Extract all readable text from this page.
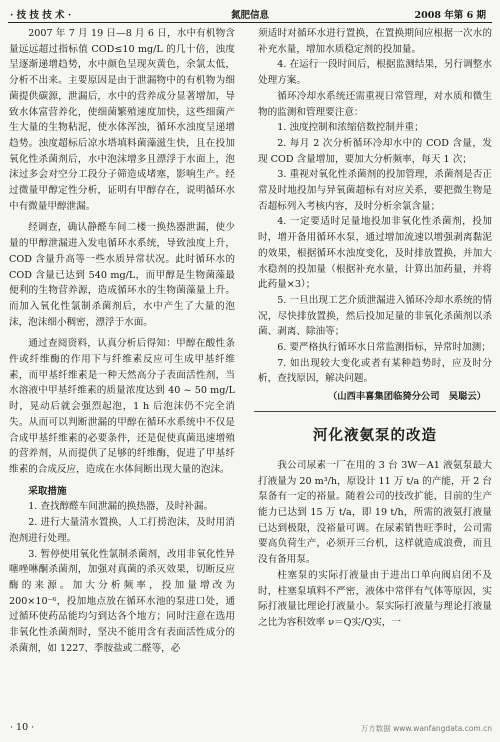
· 技 技 技 术 ·	氮肥信息	2008 年第 6 期

2007 年 7 月 19 日—8 月 6 日，水中有机物含量远远超过指标值 COD≤10 mg/L 的几十倍，浊度呈逐渐递增趋势，水中颜色呈现灰黄色，余氯太低，分析不出来。主要原因是由于泄漏物中的有机物为细菌提供碳源，泄漏后，水中的营养成分显著增加，导致水体富营养化，使细菌繁殖速度加快，这些细菌产生大量的生物粘泥，使水体浑浊，循环水浊度呈递增趋势。浊度超标后凉水塔填料菌藻滋生快，且在投加氧化性杀菌剂后，水中泡沫增多且漂浮于水面上，泡沫过多会对空分工段分子筛造成堵塞，影响生产。经过微量甲醇定性分析，证明有甲醇存在，说明循环水中有微量甲醇泄漏。

经调查，确认静醛车间二楼一换热器泄漏，使少量的甲醇泄漏进入发电循环水系统，导致浊度上升，COD 含量升高等一些水质异常状况。此时循环水的 COD 含量已达到 540 mg/L，而甲醇是生物菌藻最便利的生物营养源，造成循环水的生物菌藻量上升。而加入氧化性氯制杀菌剂后，水中产生了大量的泡沫，泡沫细小稠密，漂浮于水面。

通过查阅资料，认真分析后得知：甲醇在酸性条件或纤维酶的作用下与纤维素反应可生成甲基纤维素，而甲基纤维素是一种天然高分子表面活性剂，当水溶液中甲基纤维素的质量浓度达到 40 ~ 50 mg/L 时，晃动后就会强烈起泡，1 h 后泡沫仍不完全消失。从而可以判断泄漏的甲醇在循环水系统中不仅是合成甲基纤维素的必要条件，还是促使真菌迅速增殖的营养剂，从而提供了足够的纤维酶，促进了甲基纤维素的合成反应，造成在水体间断出现大量的泡沫。

采取措施

1. 查找醇醛车间泄漏的换热器，及时补漏。

2. 进行大量清水置换，人工打捞泡沫，及时用消泡剂进行处理。

3. 暂停使用氧化性氯制杀菌剂，改用非氧化性异噻唑啉酮杀菌剂，加强对真菌的杀灭效果，切断反应酶的来源。加大分析频率，投加量增改为 200×10⁻⁶，投加地点放在循环水池的泵进口处，通过循环使药品能均匀到达各个地方；同时注意在选用非氧化性杀菌剂时，坚决不能用含有表面活性成分的杀菌剂，如 1227、季胺盐或二醛等，必

须适时对循环水进行置换，在置换期间应根据一次水的补充水量，增加水质稳定剂的投加量。

4. 在运行一段时间后，根据监测结果，另行调整水处理方案。

循环冷却水系统还需重视日常管理，对水质和微生物的监测和管理要注意：

1. 浊度控制和浓缩倍数控制并重；

2. 每月 2 次分析循环冷却水中的 COD 含量，发现 COD 含量增加，要加大分析频率，每天 1 次；

3. 重视对氧化性杀菌剂的投加管理，杀菌剂是否正常及时地投加与异氧菌超标有对应关系，要把微生物是否超标列入考核内容，及时分析余氯含量；

4. 一定要适时足量地投加非氧化性杀菌剂，投加时，增开备用循环水泵，通过增加流速以增强剥离黏泥的效果，根据循环水浊度变化，及时排放置换，并加大水稳剂的投加量（根据补充水量，计算出加药量，并将此药量×3）；

5. 一旦出现工艺介质泄漏进入循环冷却水系统的情况，尽快排放置换，然后投加足量的非氧化杀菌剂以杀菌、剥离、除油等；

6. 要严格执行循环水日常监测指标，异常时加测；

7. 如出现较大变化或者有某种趋势时，应及时分析，查找原因，解决问题。

（山西丰喜集团临猗分公司　吴聪云）
河化液氨泵的改造

我公司尿素一厂在用的 3 台 3W－A1 液氨泵最大打液量为 20 m³/h，原设计 11 万 t/a 的产能，开 2 台泵备有一定的裕量。随着公司的技改扩能，目前的生产能力已达到 15 万 t/a，即 19 t/h，所需的液氨打液量已达到极限，没裕量可调。在尿素销售旺季时，公司需要高负荷生产，必须开三台机，这样就造成浪费，而且没有备用泵。

柱塞泵的实际打液量由于进出口单向阀启闭不及时，柱塞泵填料不严密，液体中常伴有气体等原因，实际打液量比理论打液量小。泵实际打液量与理论打液量之比为容积效率 ν＝Q实/Q实，一

· 10 ·	万方数据 www.wanfangdata.com.cn
